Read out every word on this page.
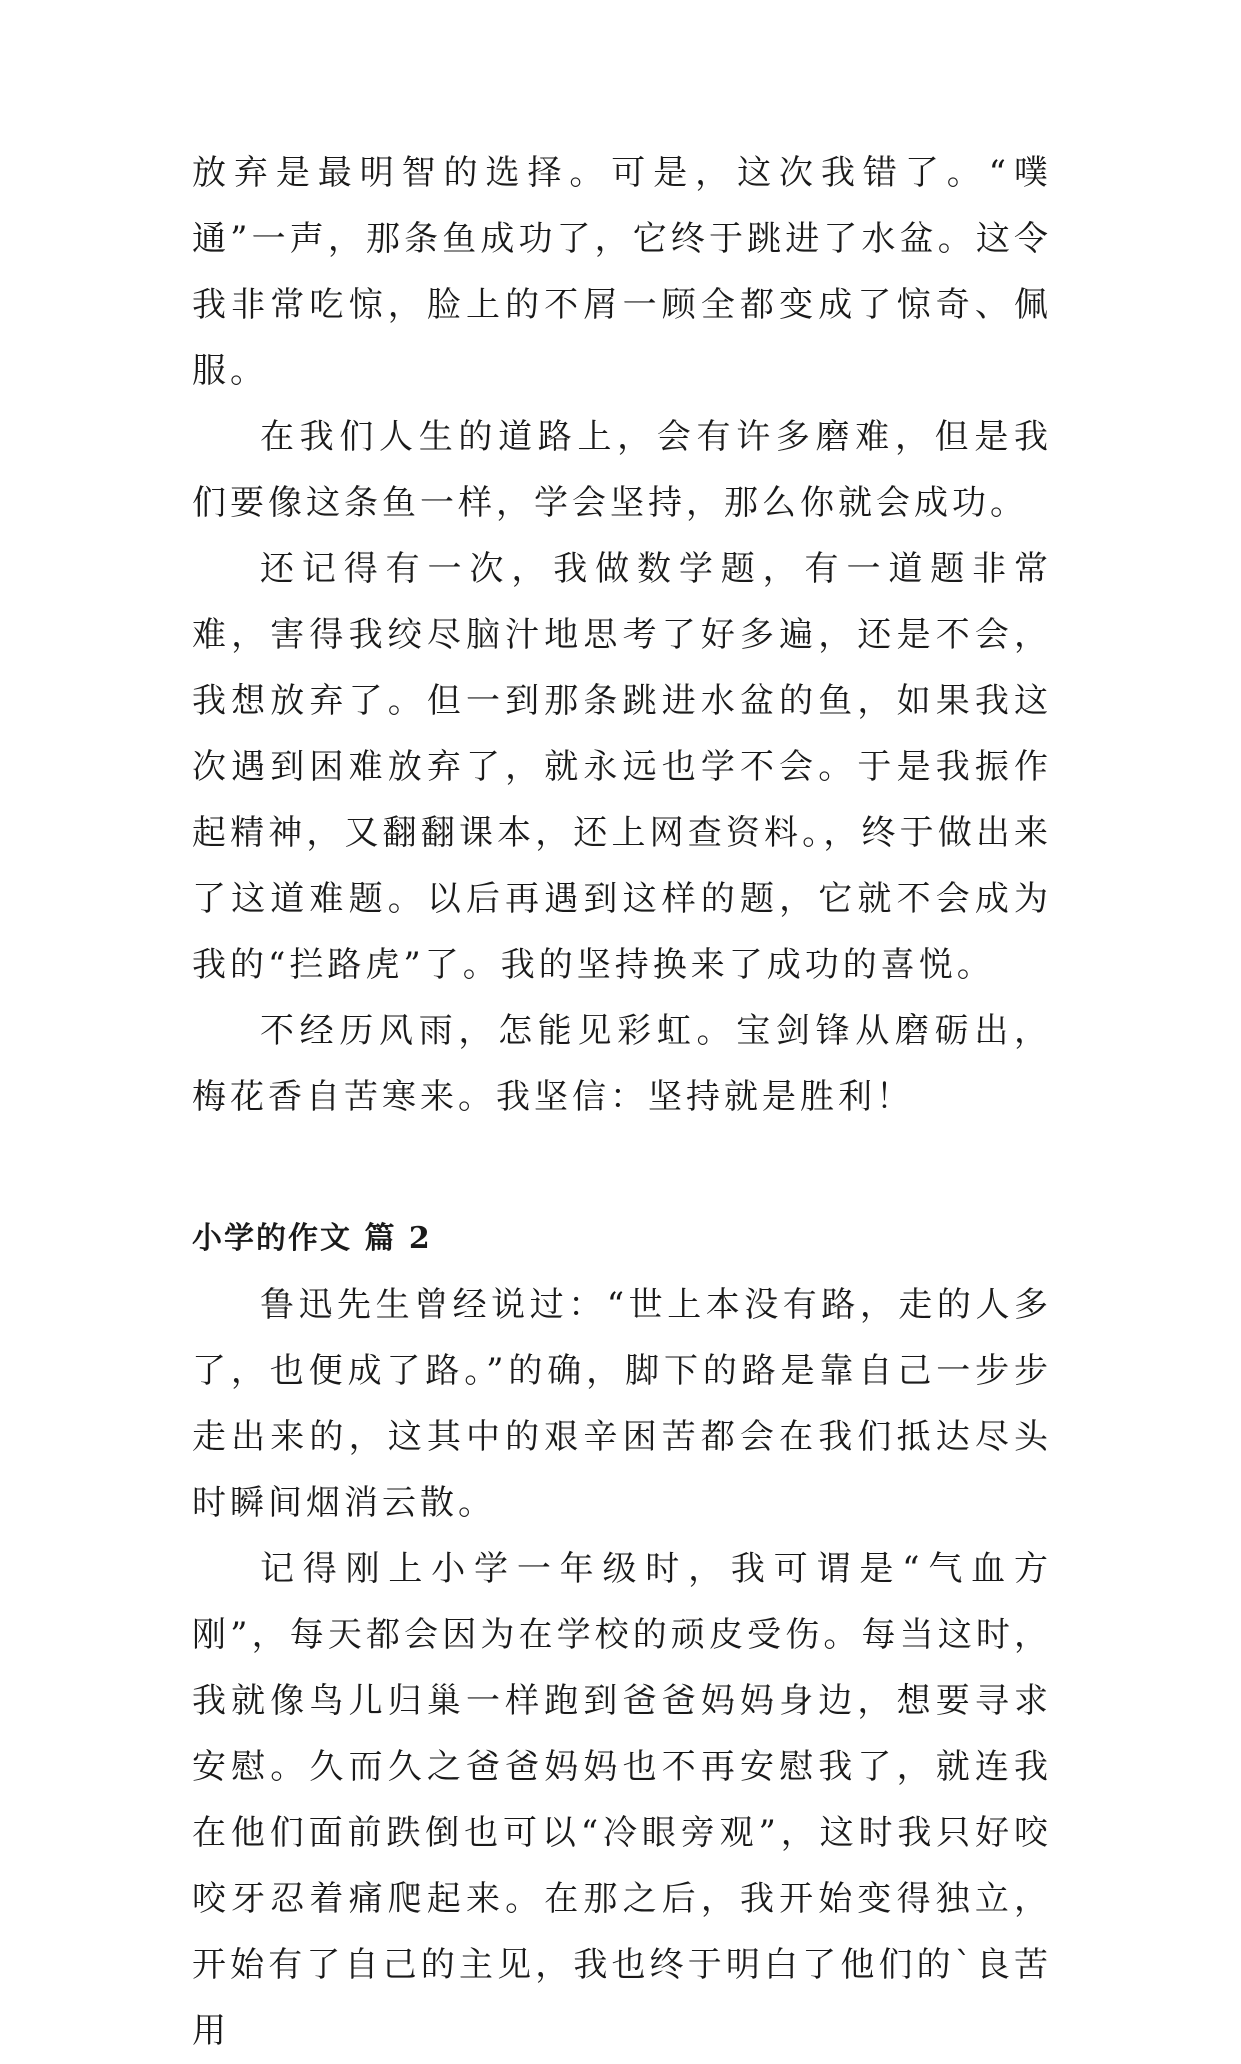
放弃是最明智的选择。可是，这次我错了。“噗通”一声，那条鱼成功了，它终于跳进了水盆。这令我非常吃惊，脸上的不屑一顾全都变成了惊奇、佩服。

在我们人生的道路上，会有许多磨难，但是我们要像这条鱼一样，学会坚持，那么你就会成功。

还记得有一次，我做数学题，有一道题非常难，害得我绞尽脑汁地思考了好多遍，还是不会，我想放弃了。但一到那条跳进水盆的鱼，如果我这次遇到困难放弃了，就永远也学不会。于是我振作起精神，又翻翻课本，还上网查资料。，终于做出来了这道难题。以后再遇到这样的题，它就不会成为我的“拦路虎”了。我的坚持换来了成功的喜悦。

不经历风雨，怎能见彩虹。宝剑锋从磨砺出，梅花香自苦寒来。我坚信：坚持就是胜利！

小学的作文 篇 2

鲁迅先生曾经说过：“世上本没有路，走的人多了，也便成了路。”的确，脚下的路是靠自己一步步走出来的，这其中的艰辛困苦都会在我们抵达尽头时瞬间烟消云散。

记得刚上小学一年级时，我可谓是“气血方刚”，每天都会因为在学校的顽皮受伤。每当这时，我就像鸟儿归巢一样跑到爸爸妈妈身边，想要寻求安慰。久而久之爸爸妈妈也不再安慰我了，就连我在他们面前跌倒也可以“冷眼旁观”，这时我只好咬咬牙忍着痛爬起来。在那之后，我开始变得独立，开始有了自己的主见，我也终于明白了他们的`良苦用
